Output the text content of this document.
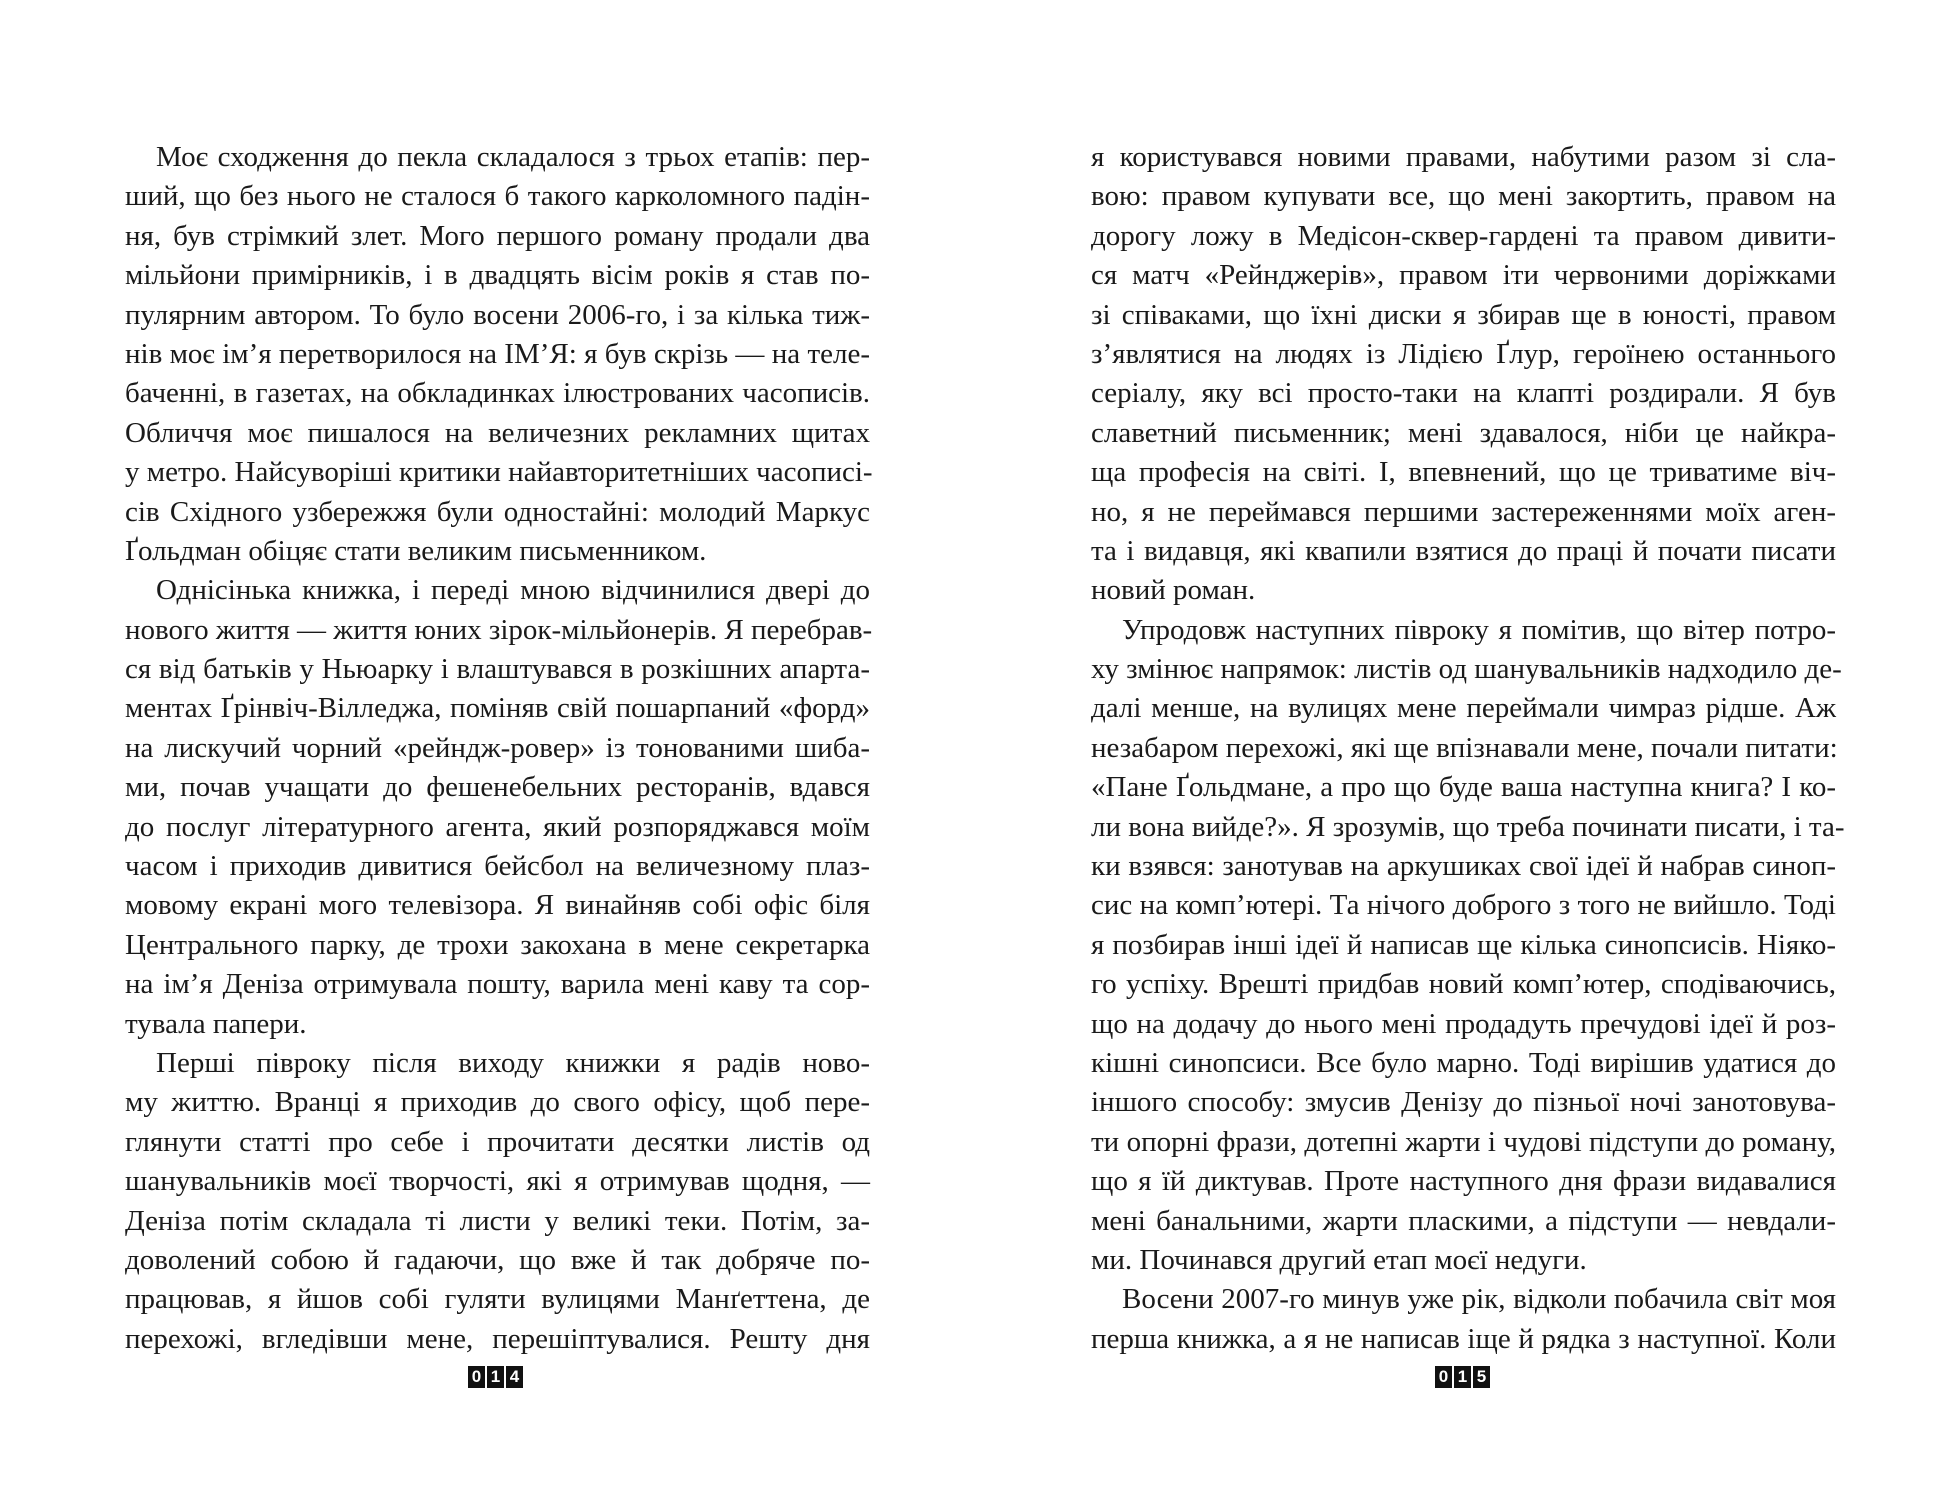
Моє сходження до пекла складалося з трьох етапів: пер-
ший, що без нього не сталося б такого карколомного падін-
ня, був стрімкий злет. Мого першого роману продали два
мільйони примірників, і в двадцять вісім років я став по-
пулярним автором. То було восени 2006-го, і за кілька тиж-
нів моє ім’я перетворилося на ІМ’Я: я був скрізь — на теле-
баченні, в газетах, на обкладинках ілюстрованих часописів.
Обличчя моє пишалося на величезних рекламних щитах
у метро. Найсуворіші критики найавторитетніших часописі-
сів Східного узбережжя були одностайні: молодий Маркус
Ґольдман обіцяє стати великим письменником.
Однісінька книжка, і переді мною відчинилися двері до
нового життя — життя юних зірок-мільйонерів. Я перебрав-
ся від батьків у Ньюарку і влаштувався в розкішних апарта-
ментах Ґрінвіч-Вілледжа, поміняв свій пошарпаний «форд»
на лискучий чорний «рейндж-ровер» із тонованими шиба-
ми, почав учащати до фешенебельних ресторанів, вдався
до послуг літературного агента, який розпоряджався моїм
часом і приходив дивитися бейсбол на величезному плаз-
мовому екрані мого телевізора. Я винайняв собі офіс біля
Центрального парку, де трохи закохана в мене секретарка
на ім’я Деніза отримувала пошту, варила мені каву та сор-
тувала папери.
Перші півроку після виходу книжки я радів ново-
му життю. Вранці я приходив до свого офісу, щоб пере-
глянути статті про себе і прочитати десятки листів од
шанувальників моєї творчості, які я отримував щодня, —
Деніза потім складала ті листи у великі теки. Потім, за-
доволений собою й гадаючи, що вже й так добряче по-
працював, я йшов собі гуляти вулицями Манґеттена, де
перехожі, вгледівши мене, перешіптувалися. Решту дня
0 1 4
я користувався новими правами, набутими разом зі сла-
вою: правом купувати все, що мені закортить, правом на
дорогу ложу в Медісон-сквер-гардені та правом дивити-
ся матч «Рейнджерів», правом іти червоними доріжками
зі співаками, що їхні диски я збирав ще в юності, правом
з’являтися на людях із Лідією Ґлур, героїнею останнього
серіалу, яку всі просто-таки на клапті роздирали. Я був
славетний письменник; мені здавалося, ніби це найкра-
ща професія на світі. І, впевнений, що це триватиме віч-
но, я не переймався першими застереженнями моїх аген-
та і видавця, які квапили взятися до праці й почати писати
новий роман.
Упродовж наступних півроку я помітив, що вітер потро-
ху змінює напрямок: листів од шанувальників надходило де-
далі менше, на вулицях мене переймали чимраз рідше. Аж
незабаром перехожі, які ще впізнавали мене, почали питати:
«Пане Ґольдмане, а про що буде ваша наступна книга? І ко-
ли вона вийде?». Я зрозумів, що треба починати писати, і та-
ки взявся: занотував на аркушиках свої ідеї й набрав синоп-
сис на комп’ютері. Та нічого доброго з того не вийшло. Тоді
я позбирав інші ідеї й написав ще кілька синопсисів. Ніяко-
го успіху. Врешті придбав новий комп’ютер, сподіваючись,
що на додачу до нього мені продадуть пречудові ідеї й роз-
кішні синопсиси. Все було марно. Тоді вирішив удатися до
іншого способу: змусив Денізу до пізньої ночі занотовува-
ти опорні фрази, дотепні жарти і чудові підступи до роману,
що я їй диктував. Проте наступного дня фрази видавалися
мені банальними, жарти пласкими, а підступи — невдали-
ми. Починався другий етап моєї недуги.
Восени 2007-го минув уже рік, відколи побачила світ моя
перша книжка, а я не написав іще й рядка з наступної. Коли
0 1 5
